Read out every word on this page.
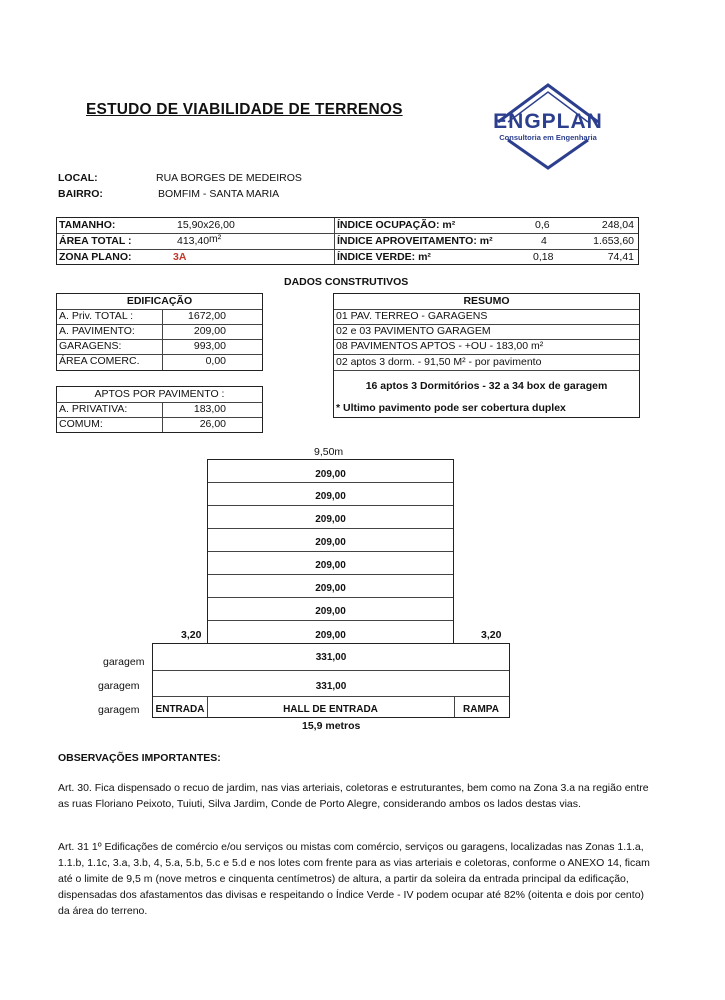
ESTUDO DE VIABILIDADE DE TERRENOS
ENGPLAN
Consultoria em Engenharia
LOCAL:	RUA BORGES DE MEDEIROS
BAIRRO:	BOMFIM - SANTA MARIA
TAMANHO:	15,90x26,00
ÁREA TOTAL :	413,40 m²
ZONA PLANO:	3A
ÍNDICE OCUPAÇÃO: m²	0,6	248,04
ÍNDICE APROVEITAMENTO: m²	4	1.653,60
ÍNDICE VERDE: m²	0,18	74,41
DADOS CONSTRUTIVOS
EDIFICAÇÃO
A. Priv. TOTAL :	1672,00
A. PAVIMENTO:	209,00
GARAGENS:	993,00
ÁREA COMERC.	0,00
APTOS POR PAVIMENTO :
A. PRIVATIVA:	183,00
COMUM:	26,00
RESUMO
01 PAV. TERREO - GARAGENS
02 e 03 PAVIMENTO GARAGEM
08 PAVIMENTOS APTOS - +OU - 183,00 m²
02 aptos 3 dorm. - 91,50 M² - por pavimento
16 aptos 3 Dormitórios - 32 a 34 box de garagem
* Ultimo pavimento pode ser cobertura duplex
9,50m
209,00
209,00
209,00
209,00
209,00
209,00
209,00
209,00
3,20	3,20
331,00
331,00
ENTRADA	HALL DE ENTRADA	RAMPA
garagem
garagem
garagem
15,9 metros
OBSERVAÇÕES IMPORTANTES:
Art. 30. Fica dispensado o recuo de jardim, nas vias arteriais, coletoras e estruturantes, bem como na Zona 3.a na região entre as ruas Floriano Peixoto, Tuiuti, Silva Jardim, Conde de Porto Alegre, considerando ambos os lados destas vias.
Art. 31 1º Edificações de comércio e/ou serviços ou mistas com comércio, serviços ou garagens, localizadas nas Zonas 1.1.a, 1.1.b, 1.1c, 3.a, 3.b, 4, 5.a, 5.b, 5.c e 5.d e nos lotes com frente para as vias arteriais e coletoras, conforme o ANEXO 14, ficam até o limite de 9,5 m (nove metros e cinquenta centímetros) de altura, a partir da soleira da entrada principal da edificação, dispensadas dos afastamentos das divisas e respeitando o Índice Verde - IV podem ocupar até 82% (oitenta e dois por cento) da área do terreno.
